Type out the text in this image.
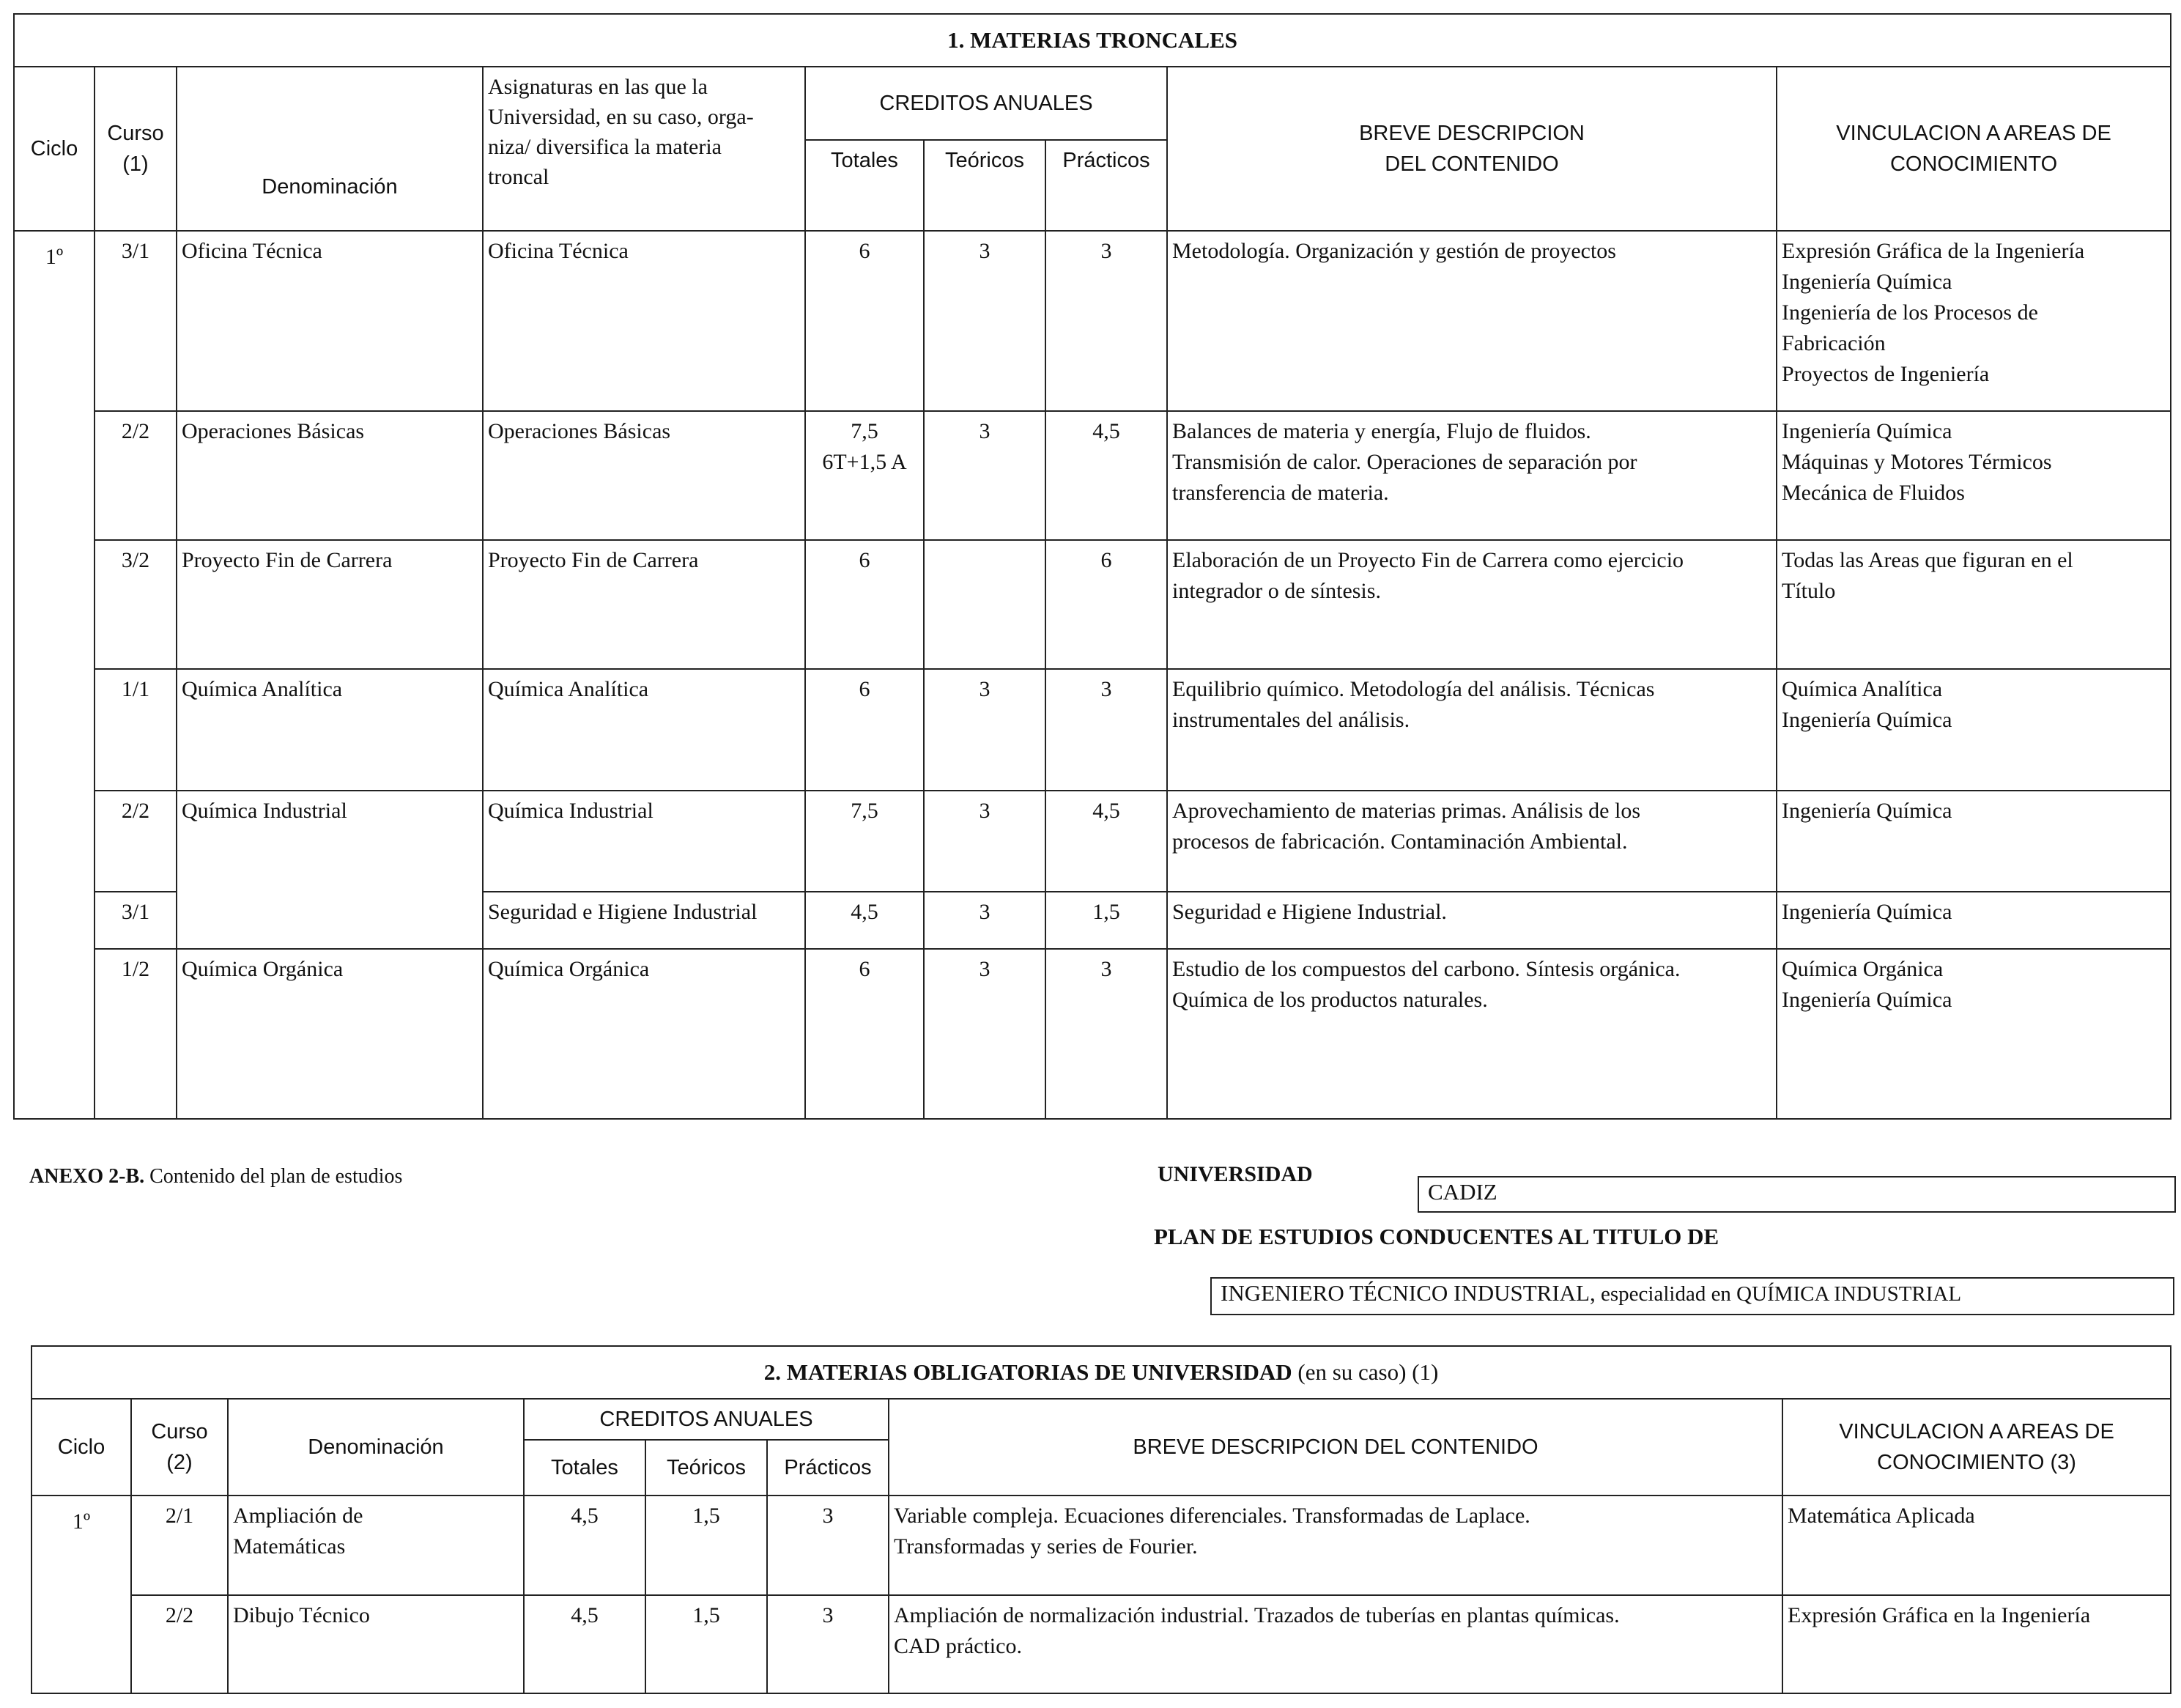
1. MATERIAS TRONCALES								
Ciclo	Curso
(1)	Denominación	Asignaturas en las que la
Universidad, en su caso, orga-
niza/ diversifica la materia
troncal	CREDITOS ANUALES			BREVE DESCRIPCION
DEL CONTENIDO	VINCULACION A AREAS DE
CONOCIMIENTO

				Totales	Teóricos	Prácticos		
1º	3/1	Oficina Técnica	Oficina Técnica	6	3	3	Metodología. Organización y gestión de proyectos	Expresión Gráfica de la Ingeniería
Ingeniería Química
Ingeniería de los Procesos de
Fabricación
Proyectos de Ingeniería

	2/2	Operaciones Básicas	Operaciones Básicas	7,5
6T+1,5 A	3	4,5	Balances de materia y energía, Flujo de fluidos.
Transmisión de calor. Operaciones de separación por
transferencia de materia.	Ingeniería Química
Máquinas y Motores Térmicos
Mecánica de Fluidos

	3/2	Proyecto Fin de Carrera	Proyecto Fin de Carrera	6		6	Elaboración de un Proyecto Fin de Carrera como ejercicio
integrador o de síntesis.	Todas las Areas que figuran en el
Título

	1/1	Química Analítica	Química Analítica	6	3	3	Equilibrio químico. Metodología del análisis. Técnicas
instrumentales del análisis.	Química Analítica
Ingeniería Química

	2/2	Química Industrial	Química Industrial	7,5	3	4,5	Aprovechamiento de materias primas. Análisis de los
procesos de fabricación. Contaminación Ambiental.	Ingeniería Química

	3/1		Seguridad e Higiene Industrial	4,5	3	1,5	Seguridad e Higiene Industrial.	Ingeniería Química

	1/2	Química Orgánica	Química Orgánica	6	3	3	Estudio de los compuestos del carbono. Síntesis orgánica.
Química de los productos naturales.	Química Orgánica
Ingeniería Química
ANEXO 2-B. Contenido del plan de estudios	UNIVERSIDAD
CADIZ
PLAN DE ESTUDIOS CONDUCENTES AL TITULO DE
INGENIERO TÉCNICO INDUSTRIAL, especialidad en QUÍMICA INDUSTRIAL
2. MATERIAS OBLIGATORIAS DE UNIVERSIDAD (en su caso) (1)							
Ciclo	Curso
(2)	Denominación	CREDITOS ANUALES			BREVE DESCRIPCION DEL CONTENIDO	VINCULACION A AREAS DE
CONOCIMIENTO (3)

			Totales	Teóricos	Prácticos		
1º	2/1	Ampliación de
Matemáticas	4,5	1,5	3	Variable compleja. Ecuaciones diferenciales. Transformadas de Laplace.
Transformadas y series de Fourier.	Matemática Aplicada

	2/2	Dibujo Técnico	4,5	1,5	3	Ampliación de normalización industrial. Trazados de tuberías en plantas químicas.
CAD práctico.	Expresión Gráfica en la Ingeniería
